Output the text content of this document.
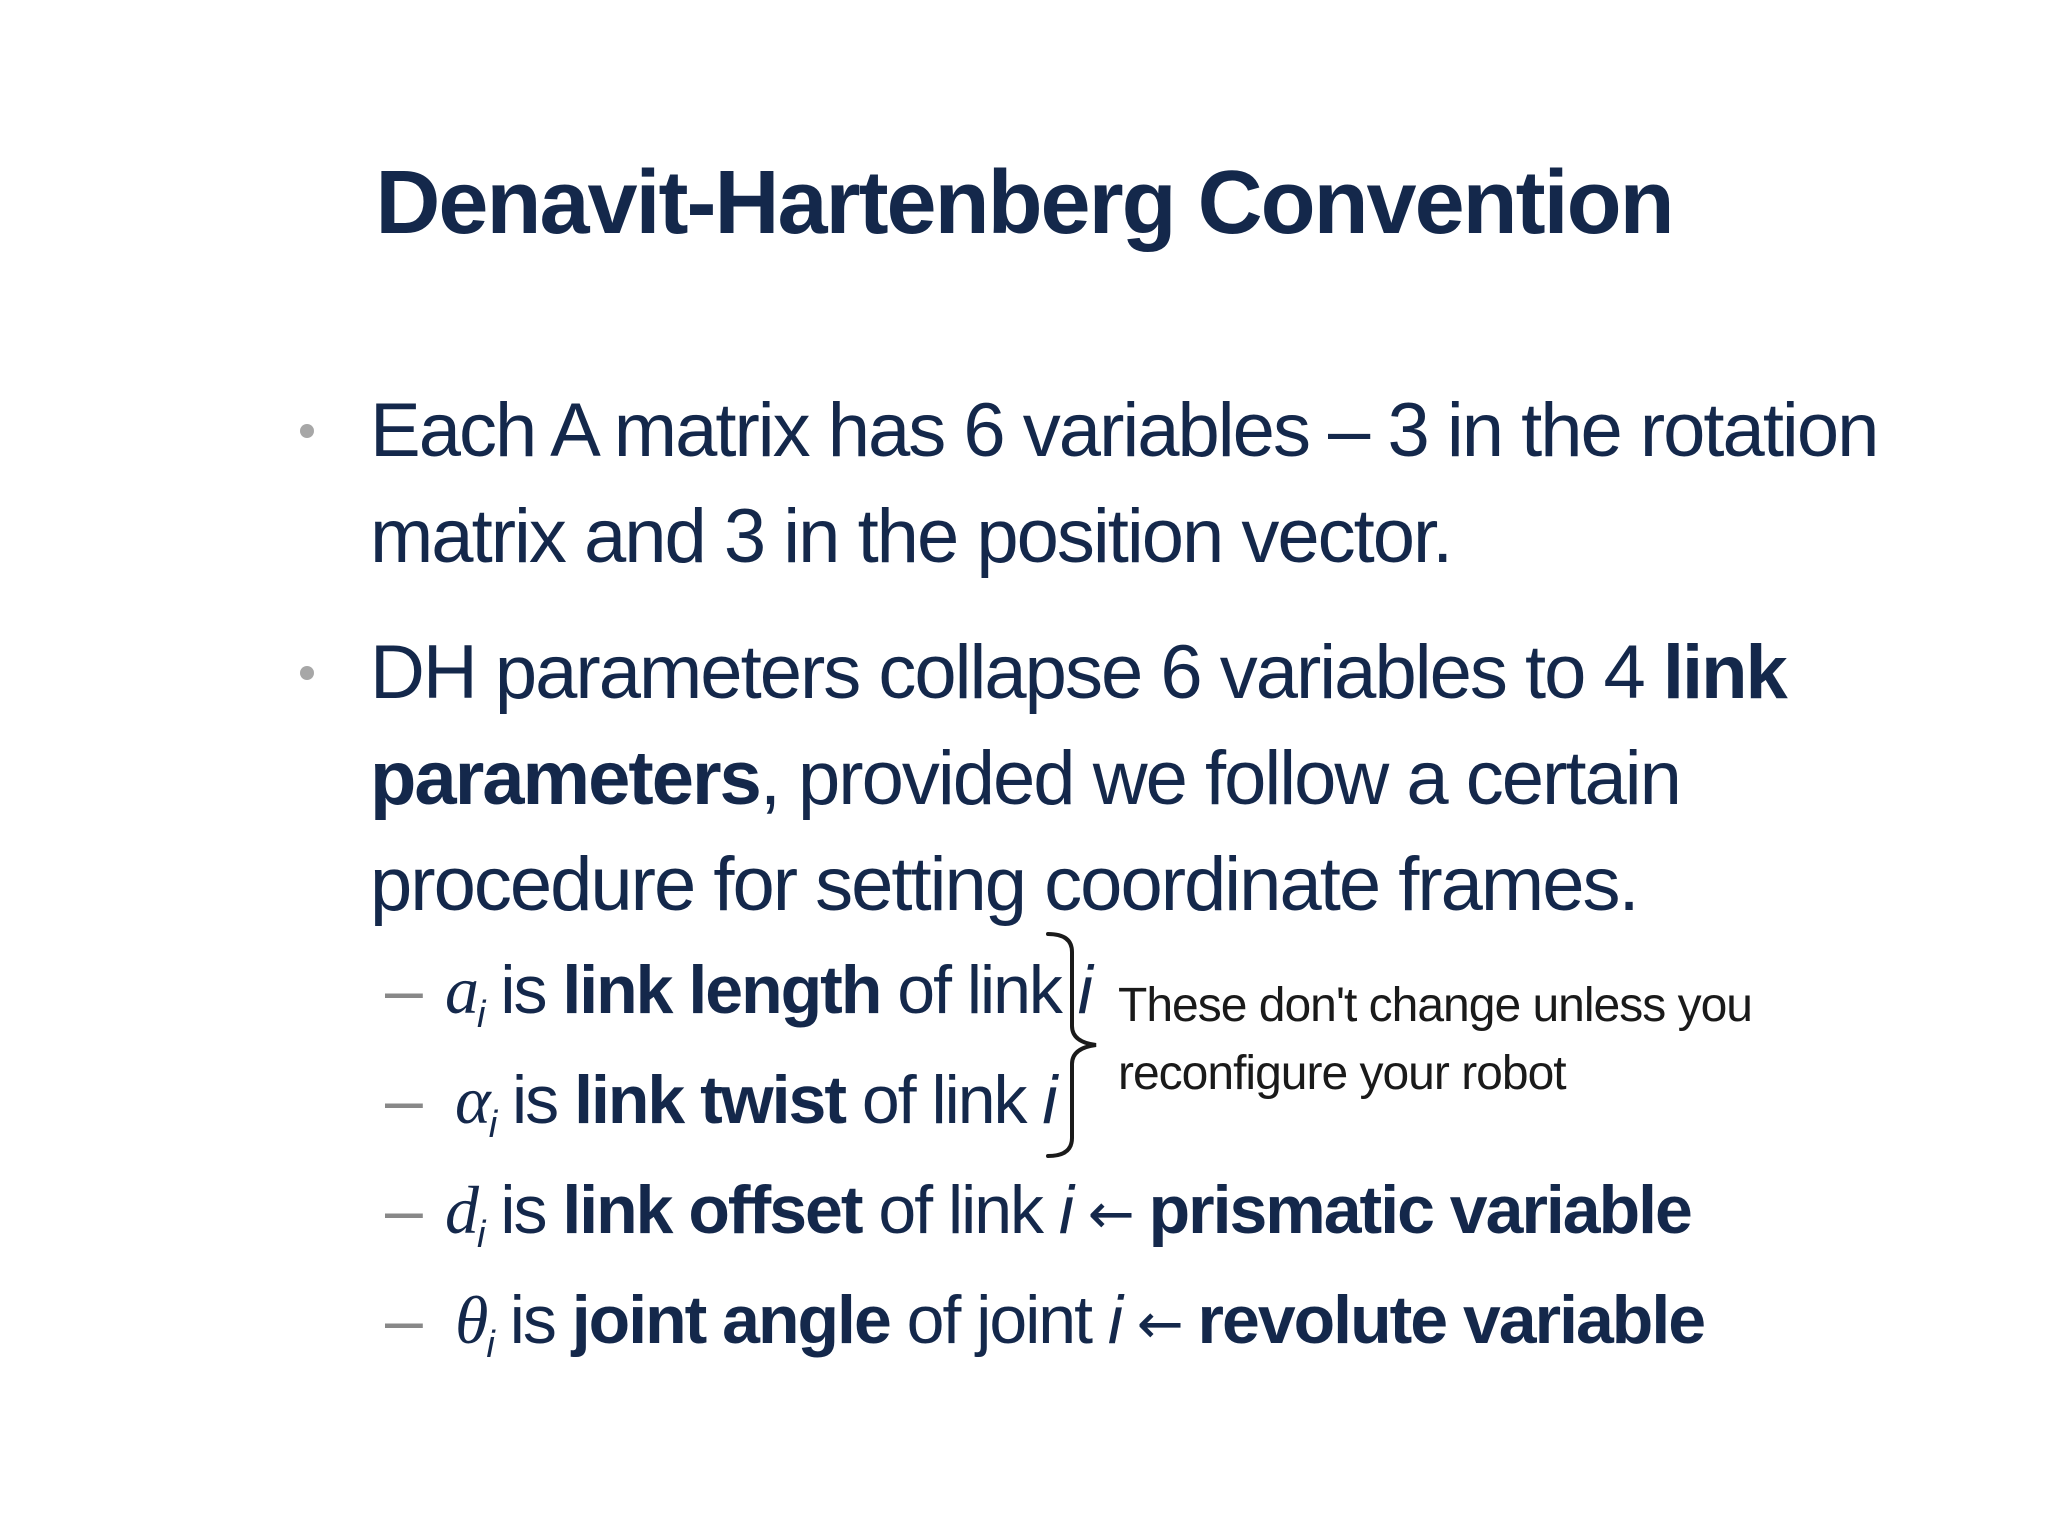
Denavit-Hartenberg Convention
Each A matrix has 6 variables – 3 in the rotation
matrix and 3 in the position vector.
DH parameters collapse 6 variables to 4 link
parameters, provided we follow a certain
procedure for setting coordinate frames.
– $a_i$ is link length of link i
– $\alpha_i$ is link twist of link i
– $d_i$ is link offset of link i ← prismatic variable
– $\theta_i$ is joint angle of joint i ← revolute variable
These don't change unless you
reconfigure your robot
